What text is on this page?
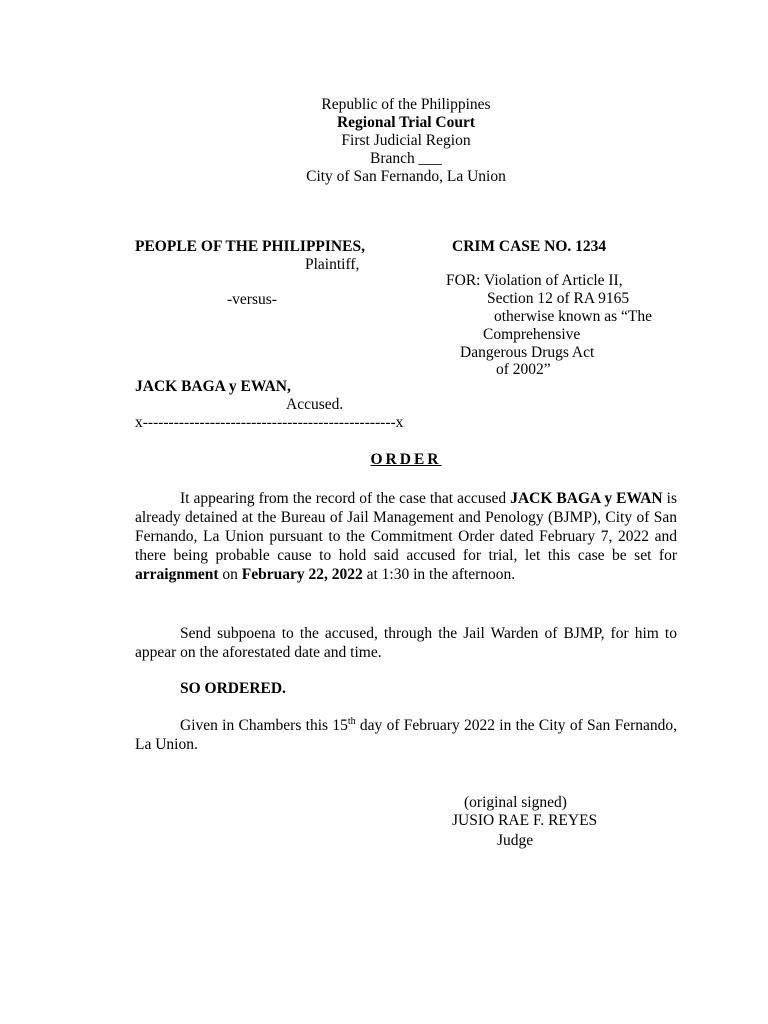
Republic of the Philippines
Regional Trial Court
First Judicial Region
Branch ___
City of San Fernando, La Union
PEOPLE OF THE PHILIPPINES,
Plaintiff,
-versus-
JACK BAGA y EWAN,
Accused.
x-------------------------------------------------x
CRIM CASE NO. 1234
FOR: Violation of Article II,
Section 12 of RA 9165
otherwise known as “The
Comprehensive
Dangerous Drugs Act
of 2002”
ORDER
It appearing from the record of the case that accused JACK BAGA y EWAN is already detained at the Bureau of Jail Management and Penology (BJMP), City of San Fernando, La Union pursuant to the Commitment Order dated February 7, 2022 and there being probable cause to hold said accused for trial, let this case be set for arraignment on February 22, 2022 at 1:30 in the afternoon.
Send subpoena to the accused, through the Jail Warden of BJMP, for him to appear on the aforestated date and time.
SO ORDERED.
Given in Chambers this 15th day of February 2022 in the City of San Fernando, La Union.
(original signed)
JUSIO RAE F. REYES
Judge
